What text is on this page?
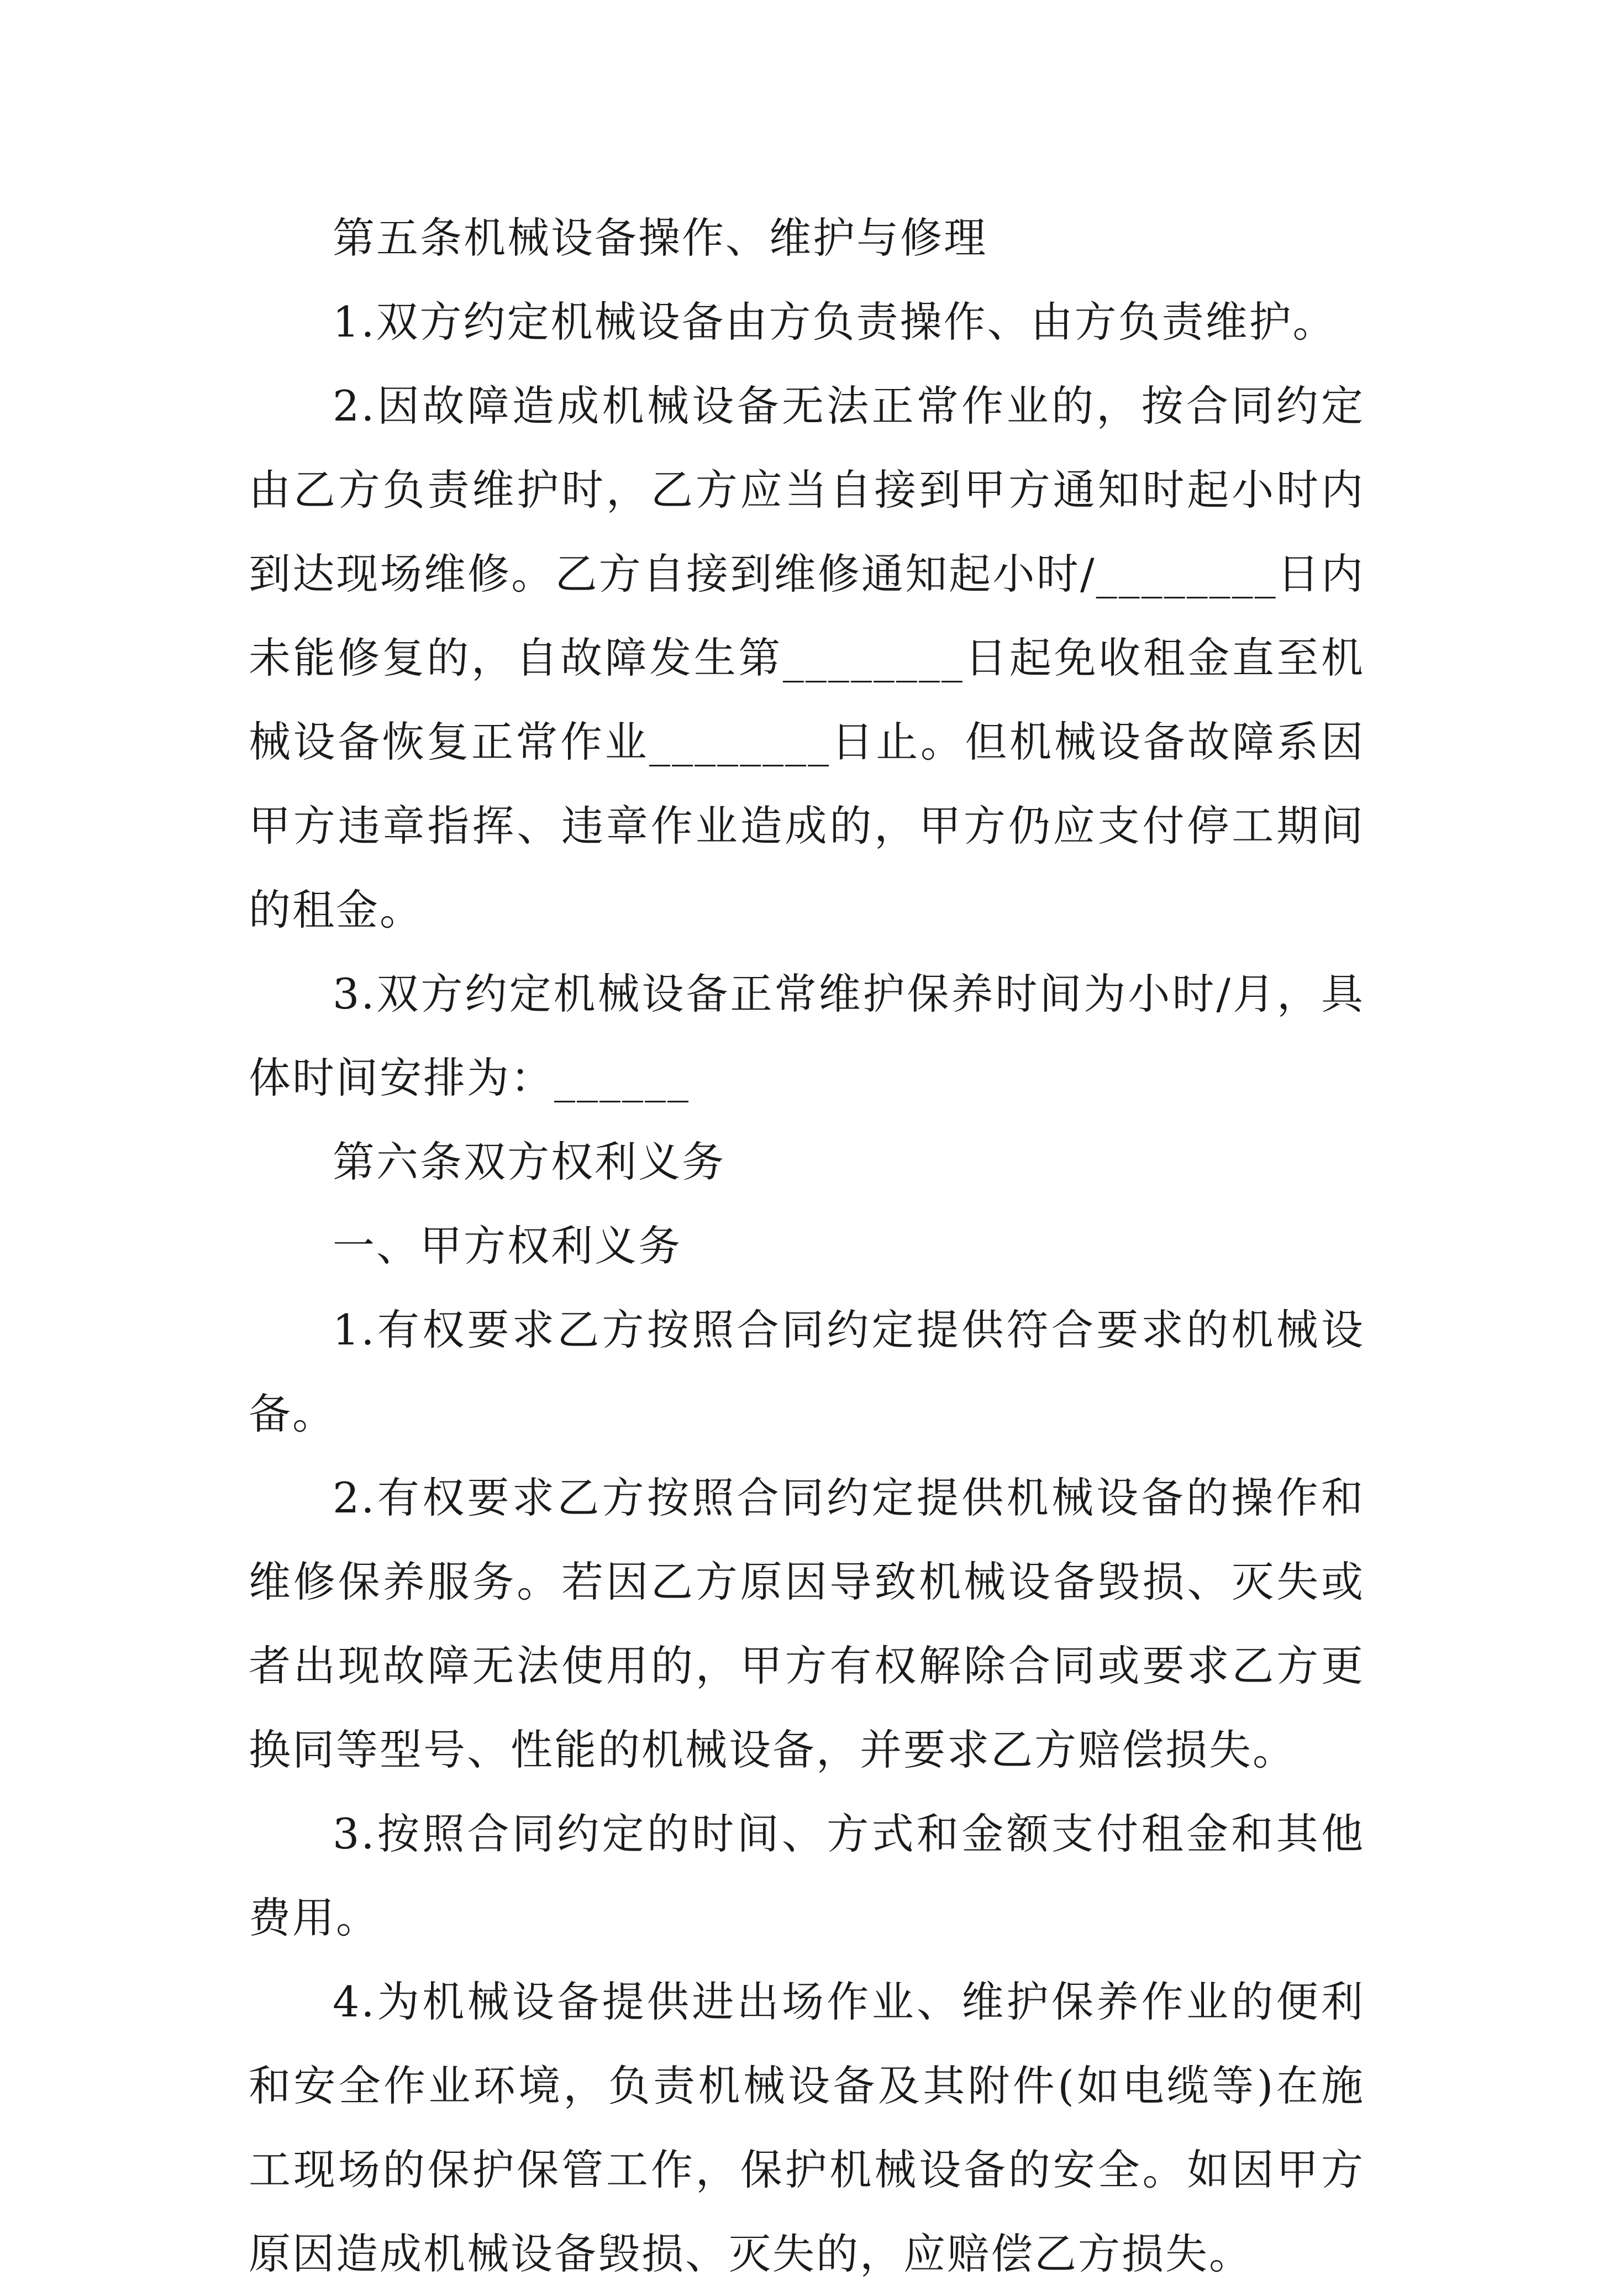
第五条机械设备操作、维护与修理

1.双方约定机械设备由方负责操作、由方负责维护。

2.因故障造成机械设备无法正常作业的，按合同约定由乙方负责维护时，乙方应当自接到甲方通知时起小时内到达现场维修。乙方自接到维修通知起小时/________日内未能修复的，自故障发生第________日起免收租金直至机械设备恢复正常作业________日止。但机械设备故障系因甲方违章指挥、违章作业造成的，甲方仍应支付停工期间的租金。

3.双方约定机械设备正常维护保养时间为小时/月，具体时间安排为：______

第六条双方权利义务

一、甲方权利义务

1.有权要求乙方按照合同约定提供符合要求的机械设备。

2.有权要求乙方按照合同约定提供机械设备的操作和维修保养服务。若因乙方原因导致机械设备毁损、灭失或者出现故障无法使用的，甲方有权解除合同或要求乙方更换同等型号、性能的机械设备，并要求乙方赔偿损失。

3.按照合同约定的时间、方式和金额支付租金和其他费用。

4.为机械设备提供进出场作业、维护保养作业的便利和安全作业环境，负责机械设备及其附件(如电缆等)在施工现场的保护保管工作，保护机械设备的安全。如因甲方原因造成机械设备毁损、灭失的，应赔偿乙方损失。
